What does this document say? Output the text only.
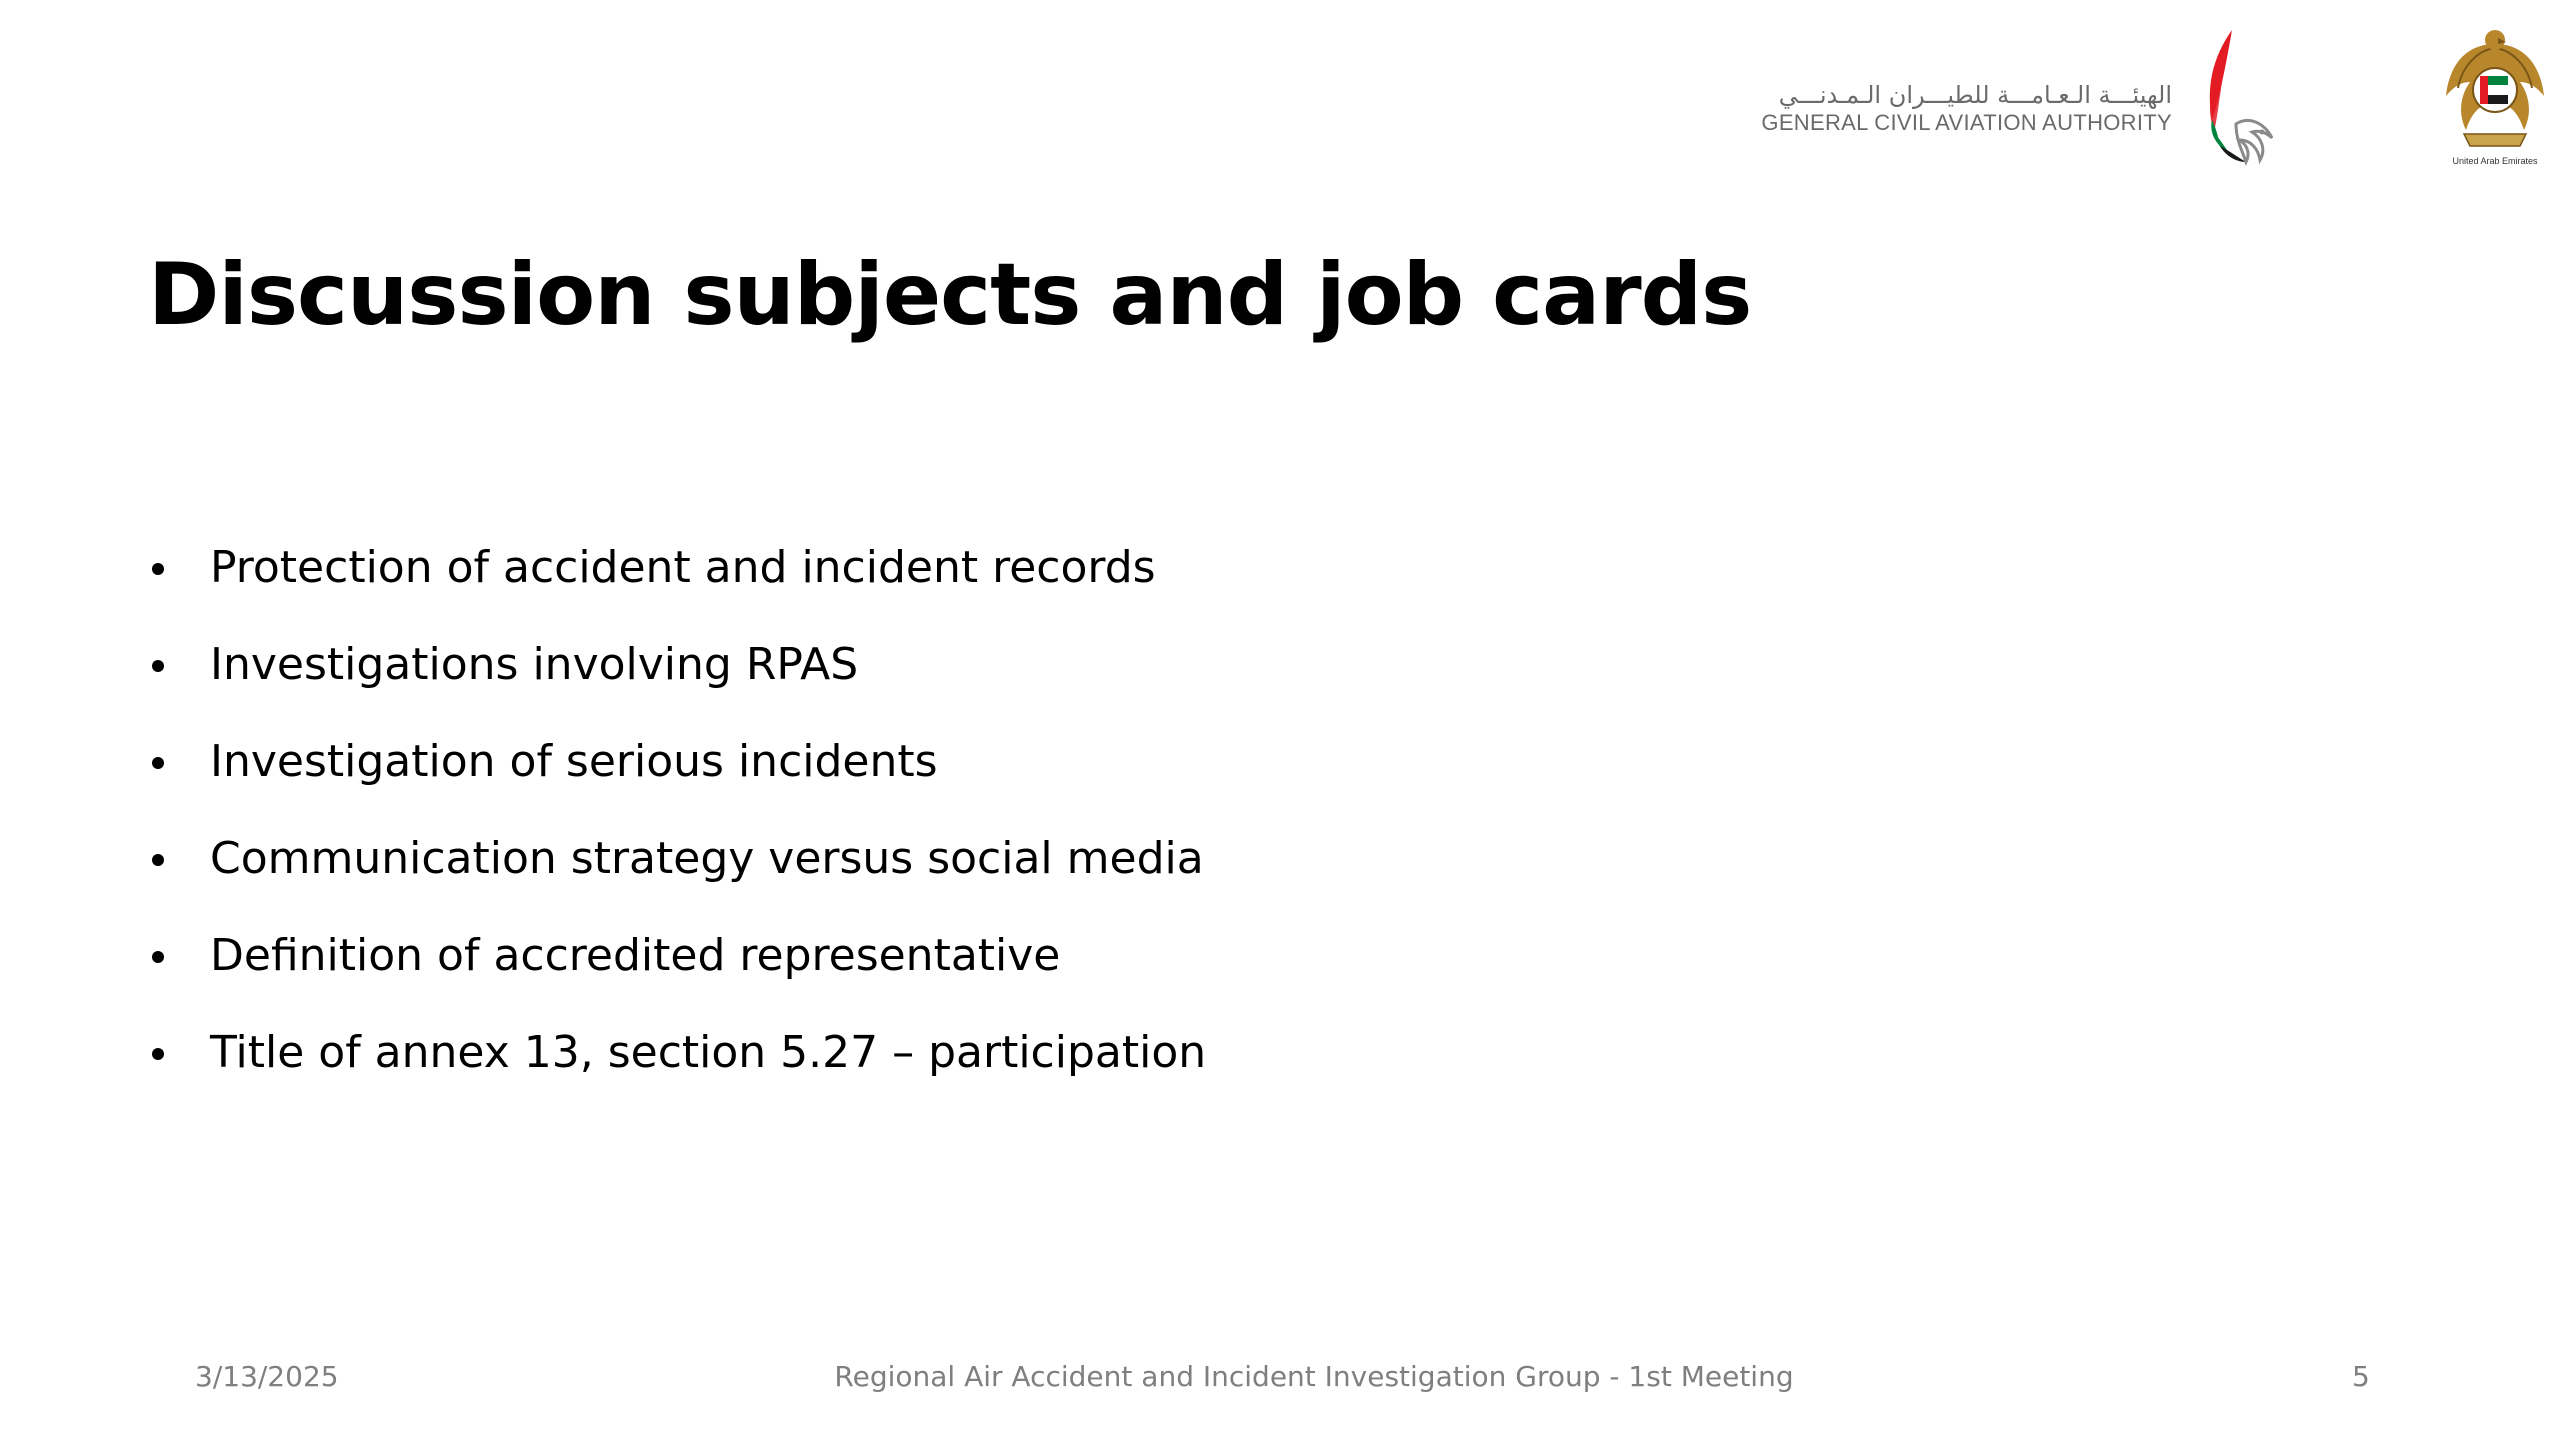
الهيئـــة الـعـامـــة للطيـــران الـمـدنـــي
GENERAL CIVIL AVIATION AUTHORITY
United Arab Emirates
Discussion subjects and job cards
Protection of accident and incident records
Investigations involving RPAS
Investigation of serious incidents
Communication strategy versus social media
Definition of accredited representative
Title of annex 13, section 5.27 – participation
3/13/2025	Regional Air Accident and Incident Investigation Group - 1st Meeting	5
